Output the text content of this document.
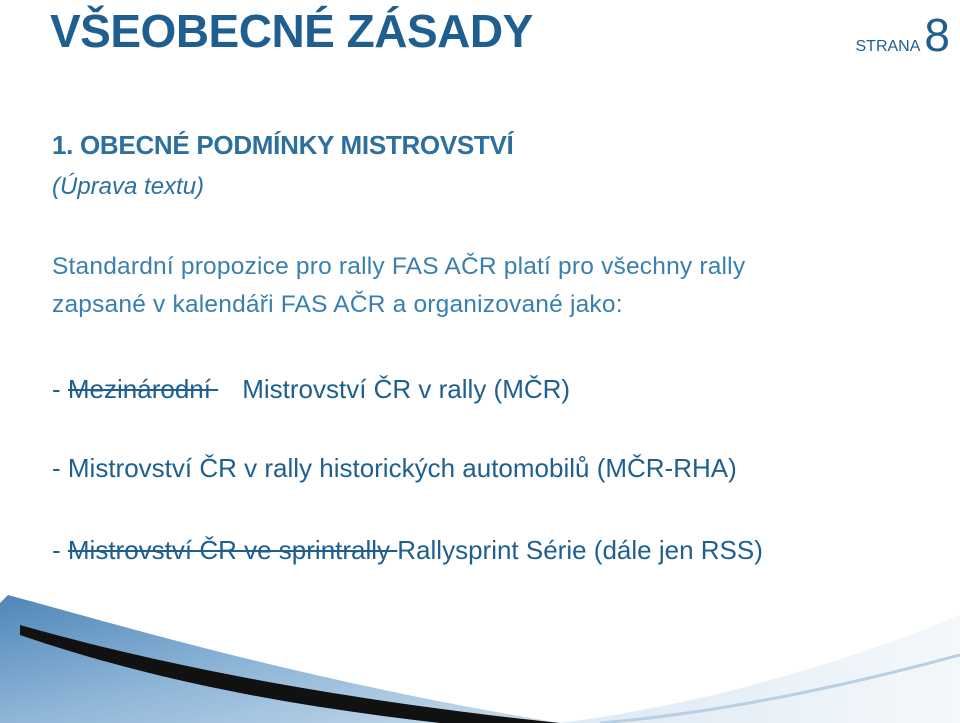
VŠEOBECNÉ ZÁSADY	STRANA8
1. OBECNÉ PODMÍNKY MISTROVSTVÍ

(Úprava textu)

Standardní propozice pro rally FAS AČR platí pro všechny rally

zapsané v kalendáři FAS AČR a organizované jako:

- Mezinárodní Mistrovství ČR v rally (MČR)

- Mistrovství ČR v rally historických automobilů (MČR-RHA)

- Mistrovství ČR ve sprintrally Rallysprint Série (dále jen RSS)
